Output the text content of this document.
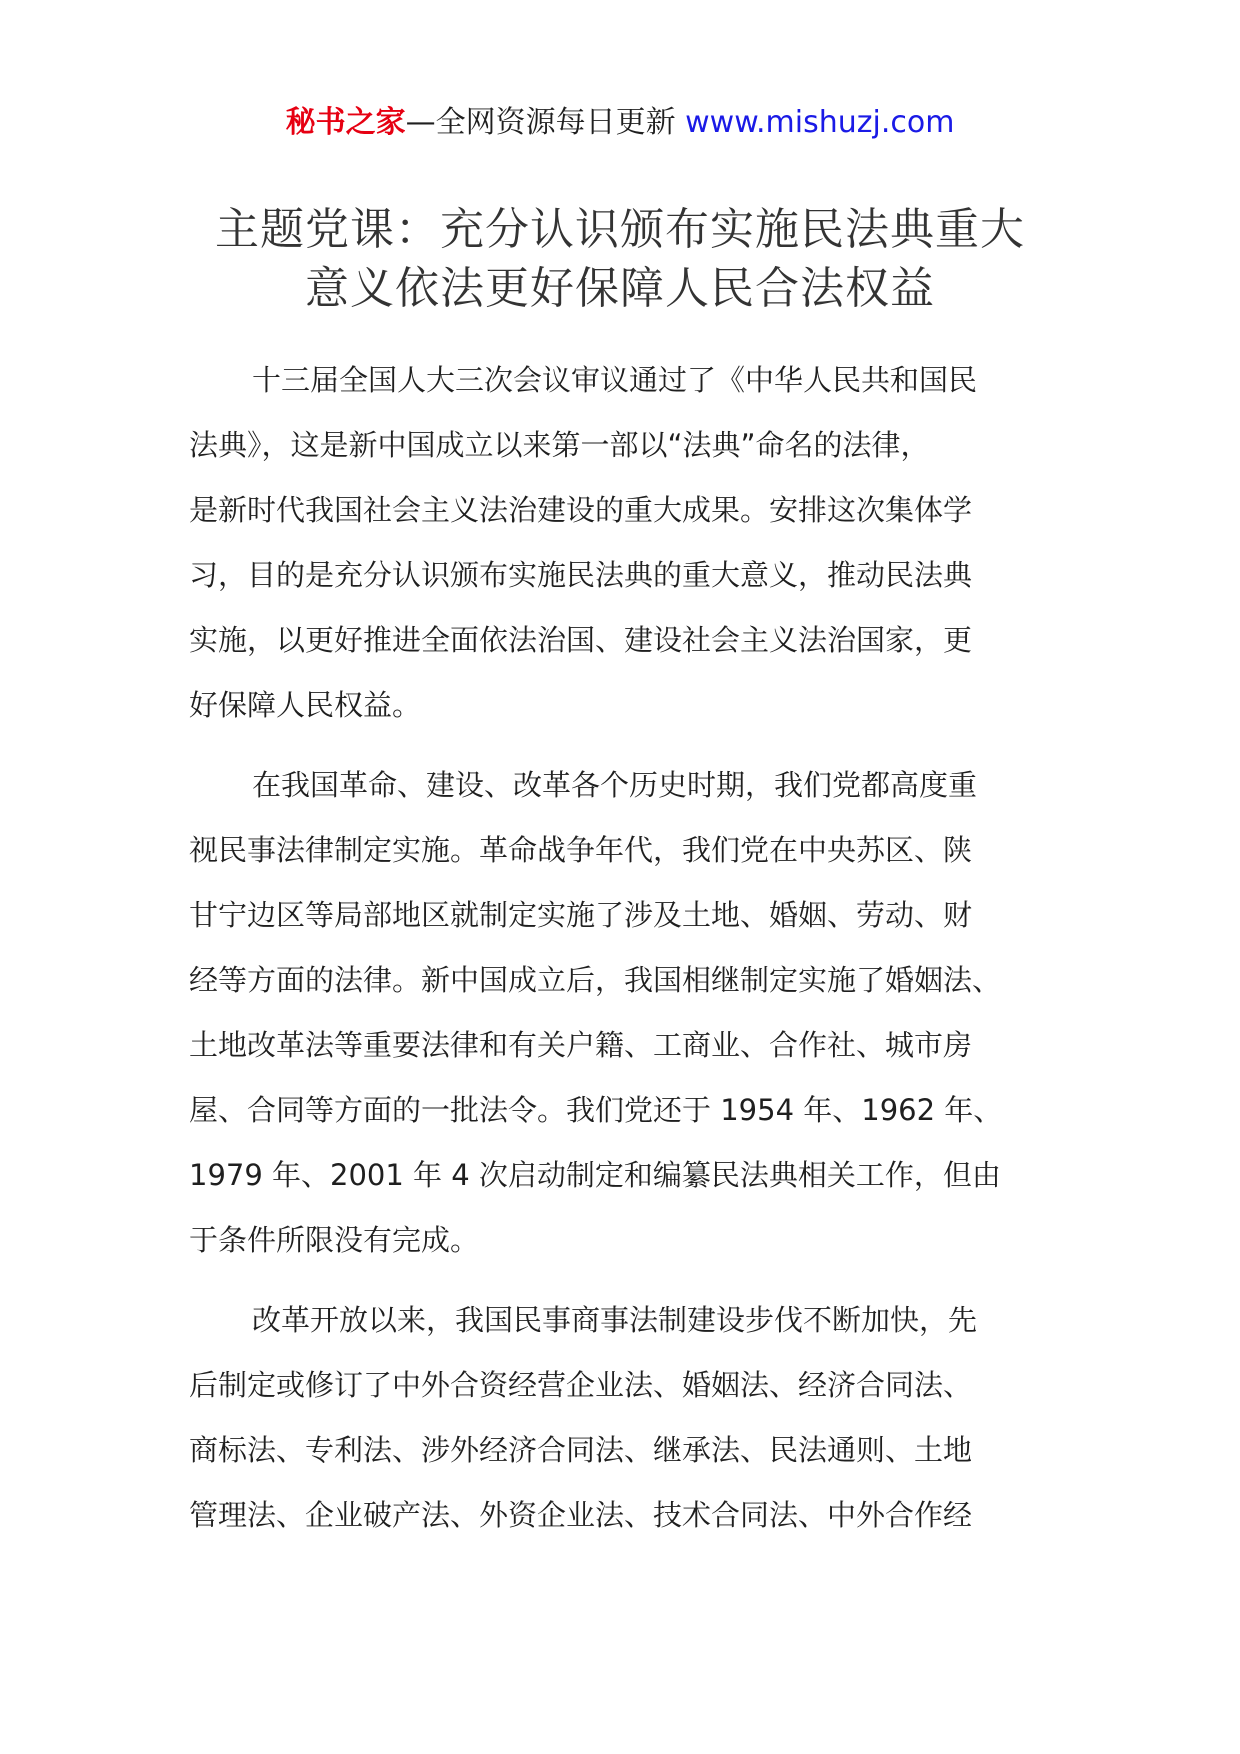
秘书之家—全网资源每日更新 www.mishuzj.com
主题党课：充分认识颁布实施民法典重大
意义依法更好保障人民合法权益
十三届全国人大三次会议审议通过了《中华人民共和国民
法典》，这是新中国成立以来第一部以“法典”命名的法律，
是新时代我国社会主义法治建设的重大成果。安排这次集体学
习，目的是充分认识颁布实施民法典的重大意义，推动民法典
实施，以更好推进全面依法治国、建设社会主义法治国家，更
好保障人民权益。
在我国革命、建设、改革各个历史时期，我们党都高度重
视民事法律制定实施。革命战争年代，我们党在中央苏区、陕
甘宁边区等局部地区就制定实施了涉及土地、婚姻、劳动、财
经等方面的法律。新中国成立后，我国相继制定实施了婚姻法、
土地改革法等重要法律和有关户籍、工商业、合作社、城市房
屋、合同等方面的一批法令。我们党还于 1954 年、1962 年、
1979 年、2001 年 4 次启动制定和编纂民法典相关工作，但由
于条件所限没有完成。
改革开放以来，我国民事商事法制建设步伐不断加快，先
后制定或修订了中外合资经营企业法、婚姻法、经济合同法、
商标法、专利法、涉外经济合同法、继承法、民法通则、土地
管理法、企业破产法、外资企业法、技术合同法、中外合作经
